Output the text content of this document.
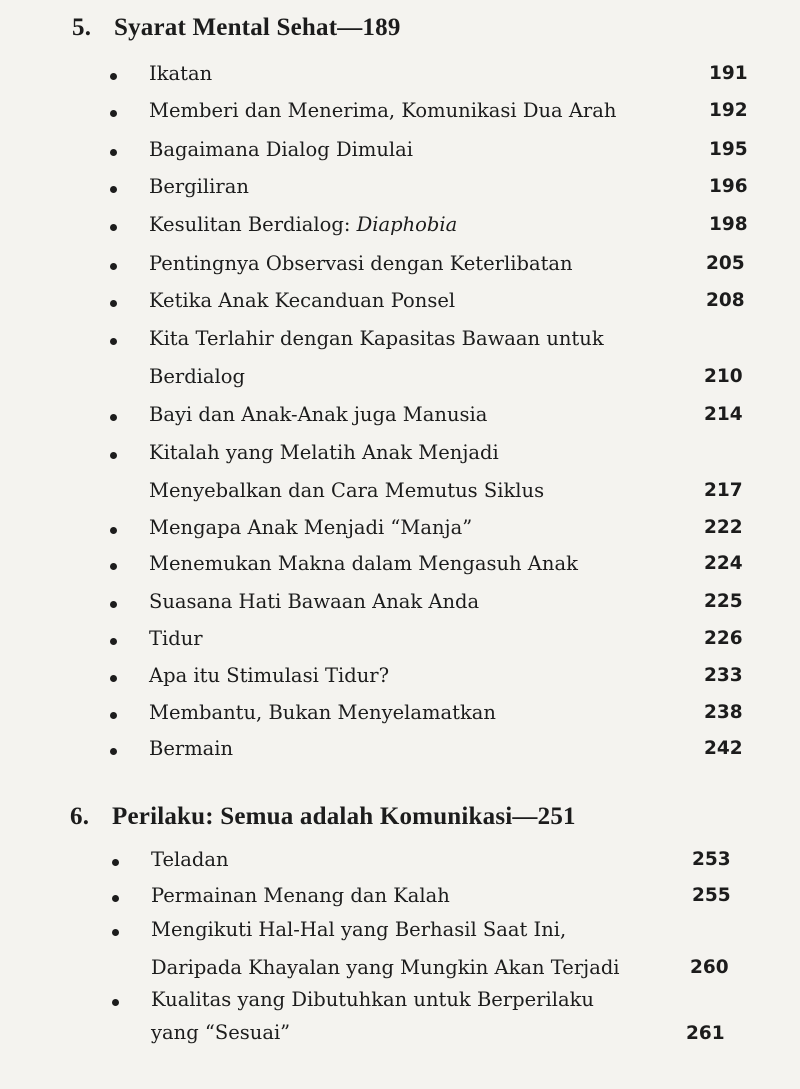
5. Syarat Mental Sehat—189
Ikatan	191
Memberi dan Menerima, Komunikasi Dua Arah	192
Bagaimana Dialog Dimulai	195
Bergiliran	196
Kesulitan Berdialog: Diaphobia	198
Pentingnya Observasi dengan Keterlibatan	205
Ketika Anak Kecanduan Ponsel	208
Kita Terlahir dengan Kapasitas Bawaan untuk
Berdialog	210
Bayi dan Anak-Anak juga Manusia	214
Kitalah yang Melatih Anak Menjadi
Menyebalkan dan Cara Memutus Siklus	217
Mengapa Anak Menjadi “Manja”	222
Menemukan Makna dalam Mengasuh Anak	224
Suasana Hati Bawaan Anak Anda	225
Tidur	226
Apa itu Stimulasi Tidur?	233
Membantu, Bukan Menyelamatkan	238
Bermain	242
6. Perilaku: Semua adalah Komunikasi—251
Teladan	253
Permainan Menang dan Kalah	255
Mengikuti Hal-Hal yang Berhasil Saat Ini,
Daripada Khayalan yang Mungkin Akan Terjadi	260
Kualitas yang Dibutuhkan untuk Berperilaku
yang “Sesuai”	261
